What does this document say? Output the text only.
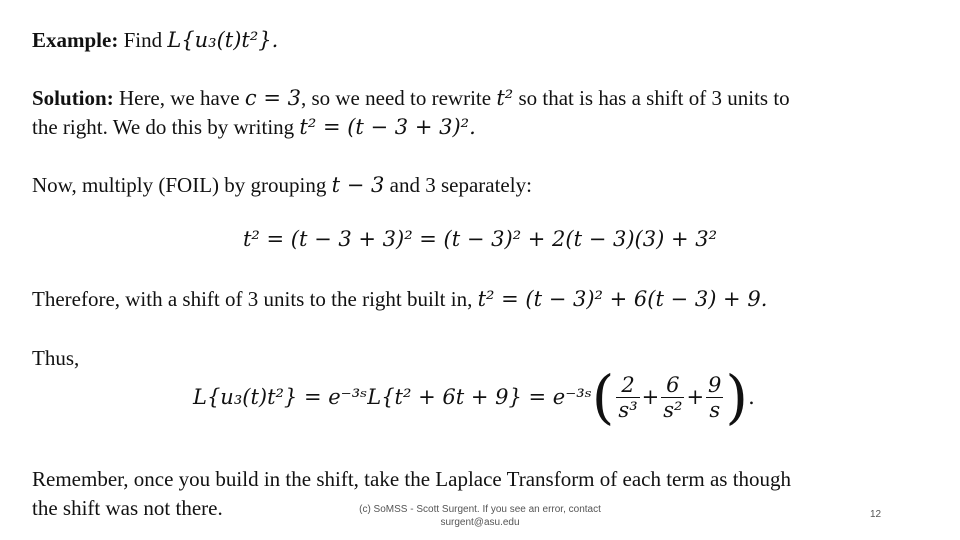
Example: Find L{u₃(t)t²}.
Solution: Here, we have c = 3, so we need to rewrite t² so that is has a shift of 3 units to
the right. We do this by writing t² = (t − 3 + 3)².
Now, multiply (FOIL) by grouping t − 3 and 3 separately:
t² = (t − 3 + 3)² = (t − 3)² + 2(t − 3)(3) + 3²
Therefore, with a shift of 3 units to the right built in, t² = (t − 3)² + 6(t − 3) + 9.
Thus,
L{u₃(t)t²} = e⁻³ˢL{t² + 6t + 9} = e⁻³ˢ( $\frac{2}{\text{s³}} + \frac{6}{\text{s²}} + \frac{9}{s}$ ).
Remember, once you build in the shift, take the Laplace Transform of each term as though
the shift was not there.	(c) SoMSS - Scott Surgent. If you see an error, contact
surgent@asu.edu
12
